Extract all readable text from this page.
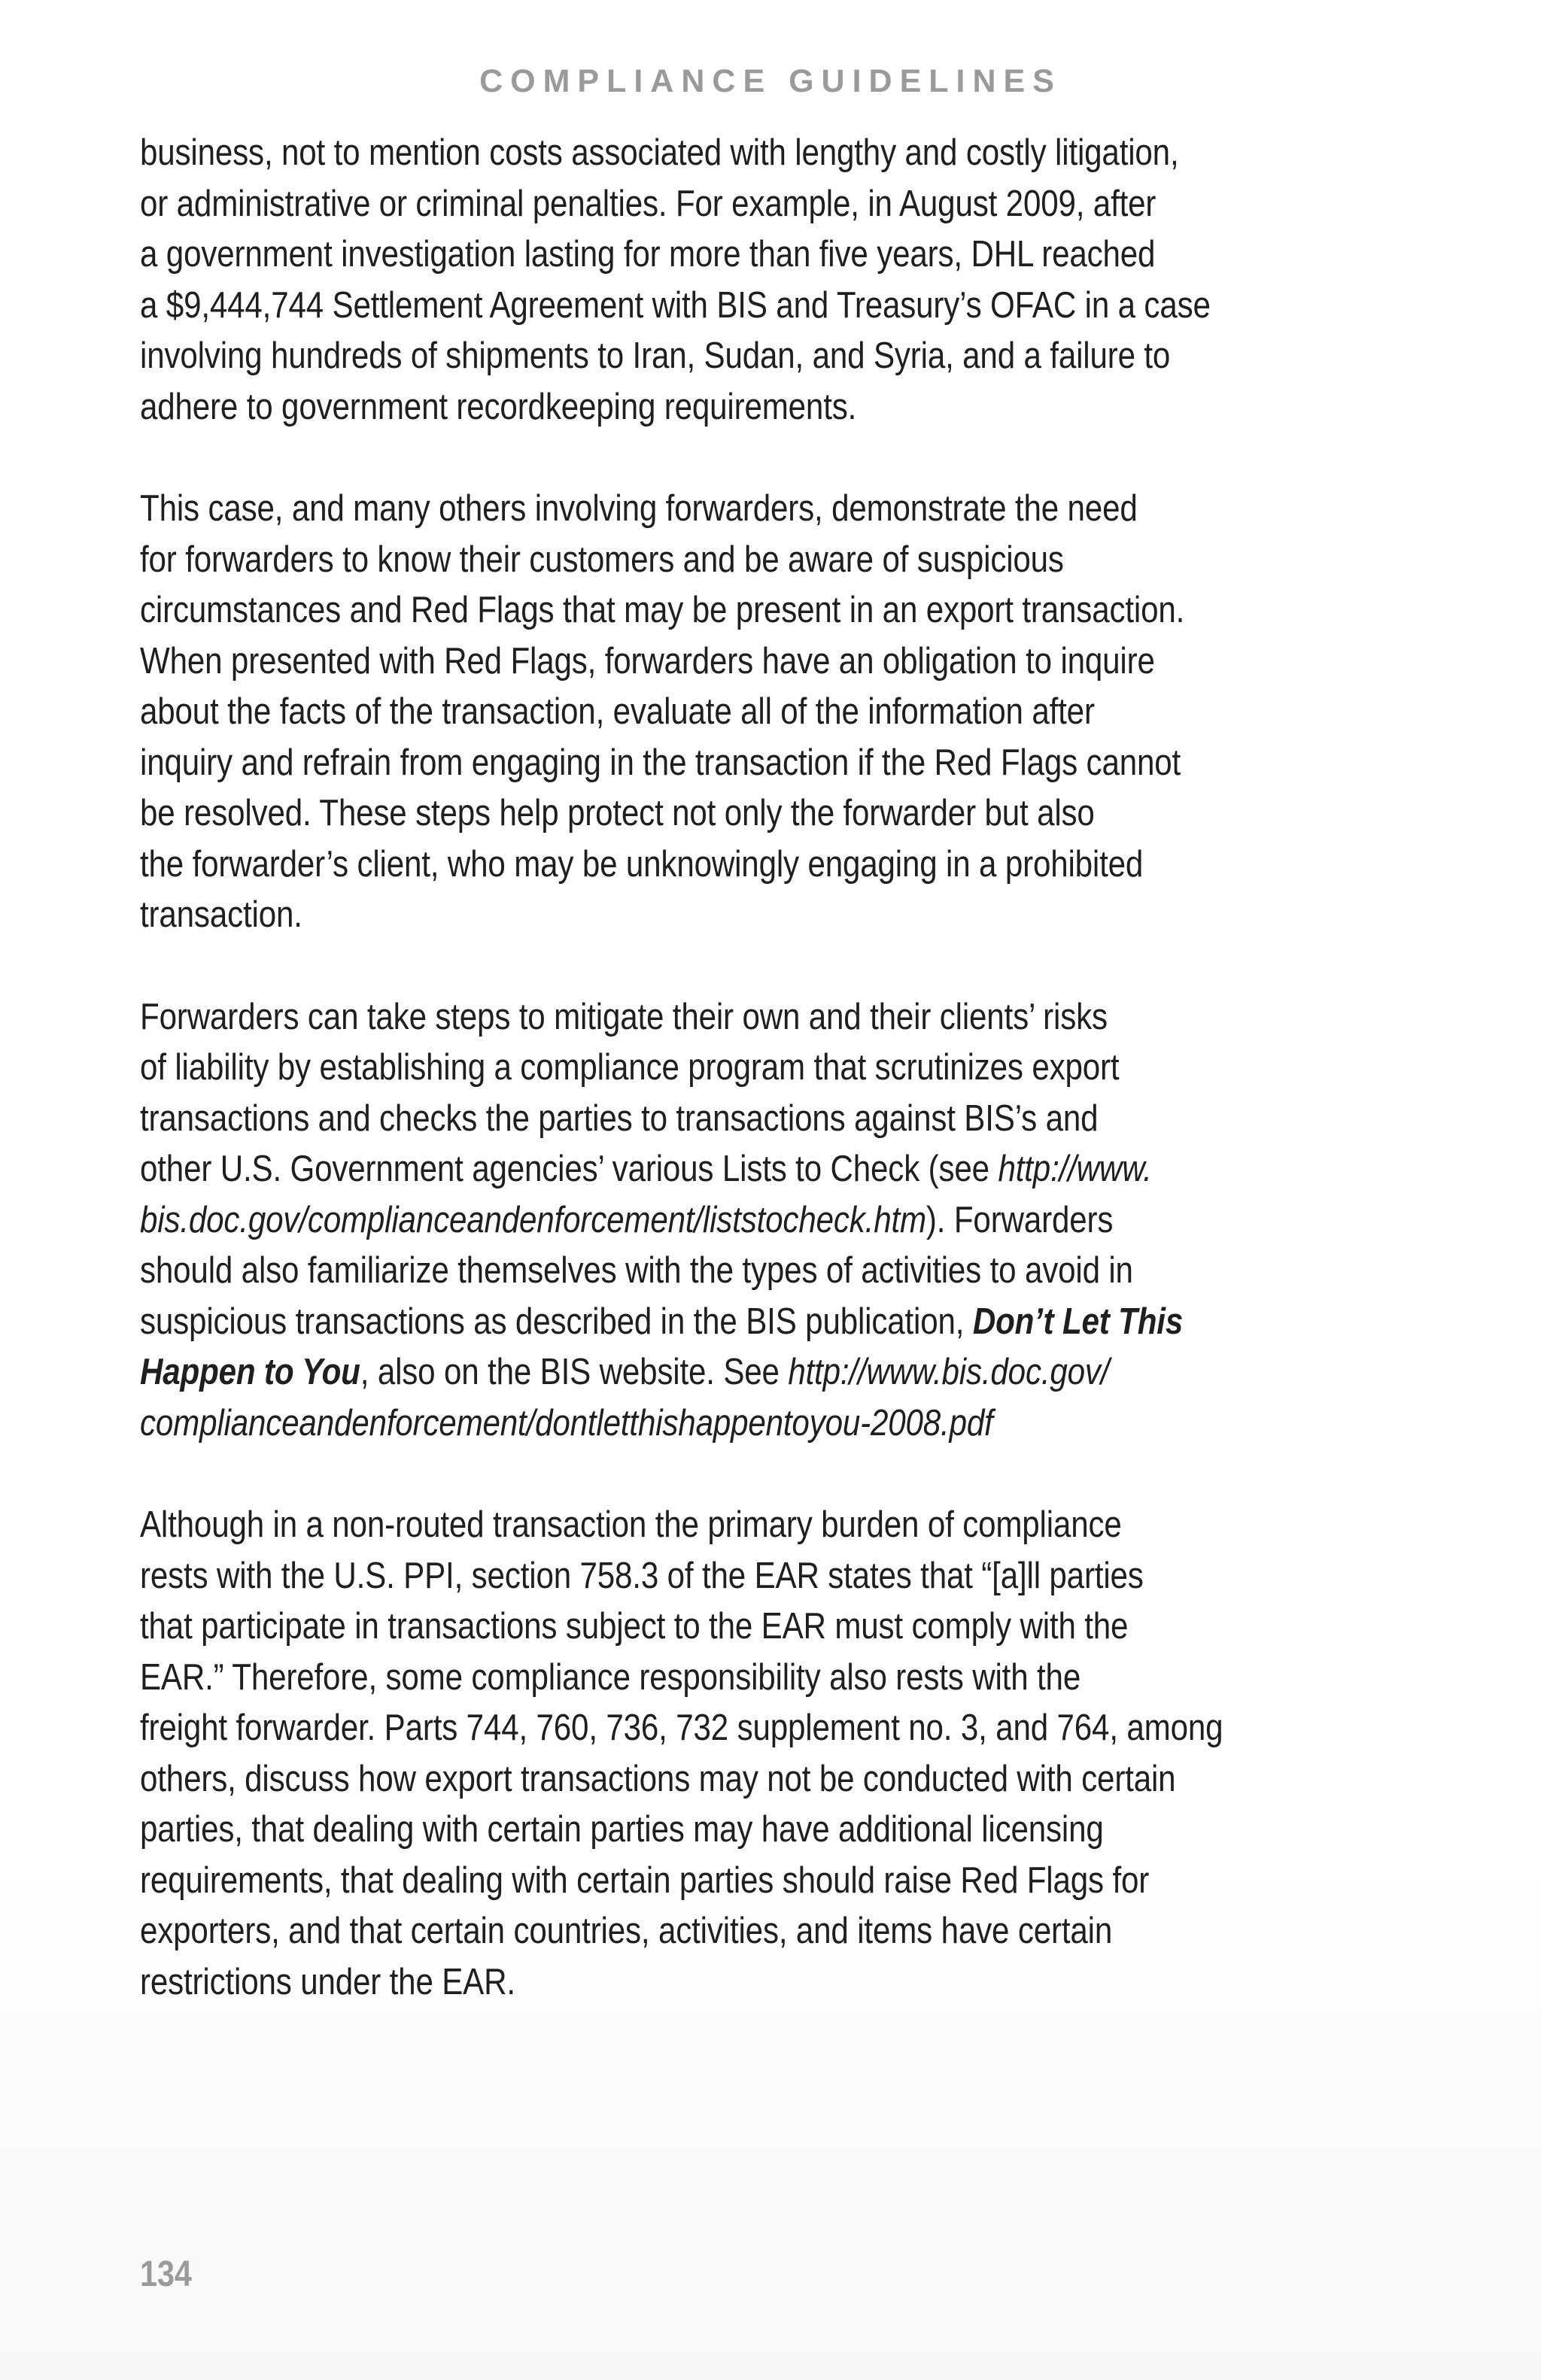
COMPLIANCE GUIDELINES
business, not to mention costs associated with lengthy and costly litigation,
or administrative or criminal penalties. For example, in August 2009, after
a government investigation lasting for more than five years, DHL reached
a $9,444,744 Settlement Agreement with BIS and Treasury’s OFAC in a case
involving hundreds of shipments to Iran, Sudan, and Syria, and a failure to
adhere to government recordkeeping requirements.
This case, and many others involving forwarders, demonstrate the need
for forwarders to know their customers and be aware of suspicious
circumstances and Red Flags that may be present in an export transaction.
When presented with Red Flags, forwarders have an obligation to inquire
about the facts of the transaction, evaluate all of the information after
inquiry and refrain from engaging in the transaction if the Red Flags cannot
be resolved. These steps help protect not only the forwarder but also
the forwarder’s client, who may be unknowingly engaging in a prohibited
transaction.
Forwarders can take steps to mitigate their own and their clients’ risks
of liability by establishing a compliance program that scrutinizes export
transactions and checks the parties to transactions against BIS’s and
other U.S. Government agencies’ various Lists to Check (see http://www.
bis.doc.gov/complianceandenforcement/liststocheck.htm). Forwarders
should also familiarize themselves with the types of activities to avoid in
suspicious transactions as described in the BIS publication, Don’t Let This
Happen to You, also on the BIS website. See http://www.bis.doc.gov/
complianceandenforcement/dontletthishappentoyou-2008.pdf
Although in a non-routed transaction the primary burden of compliance
rests with the U.S. PPI, section 758.3 of the EAR states that “[a]ll parties
that participate in transactions subject to the EAR must comply with the
EAR.” Therefore, some compliance responsibility also rests with the
freight forwarder. Parts 744, 760, 736, 732 supplement no. 3, and 764, among
others, discuss how export transactions may not be conducted with certain
parties, that dealing with certain parties may have additional licensing
requirements, that dealing with certain parties should raise Red Flags for
exporters, and that certain countries, activities, and items have certain
restrictions under the EAR.
134
